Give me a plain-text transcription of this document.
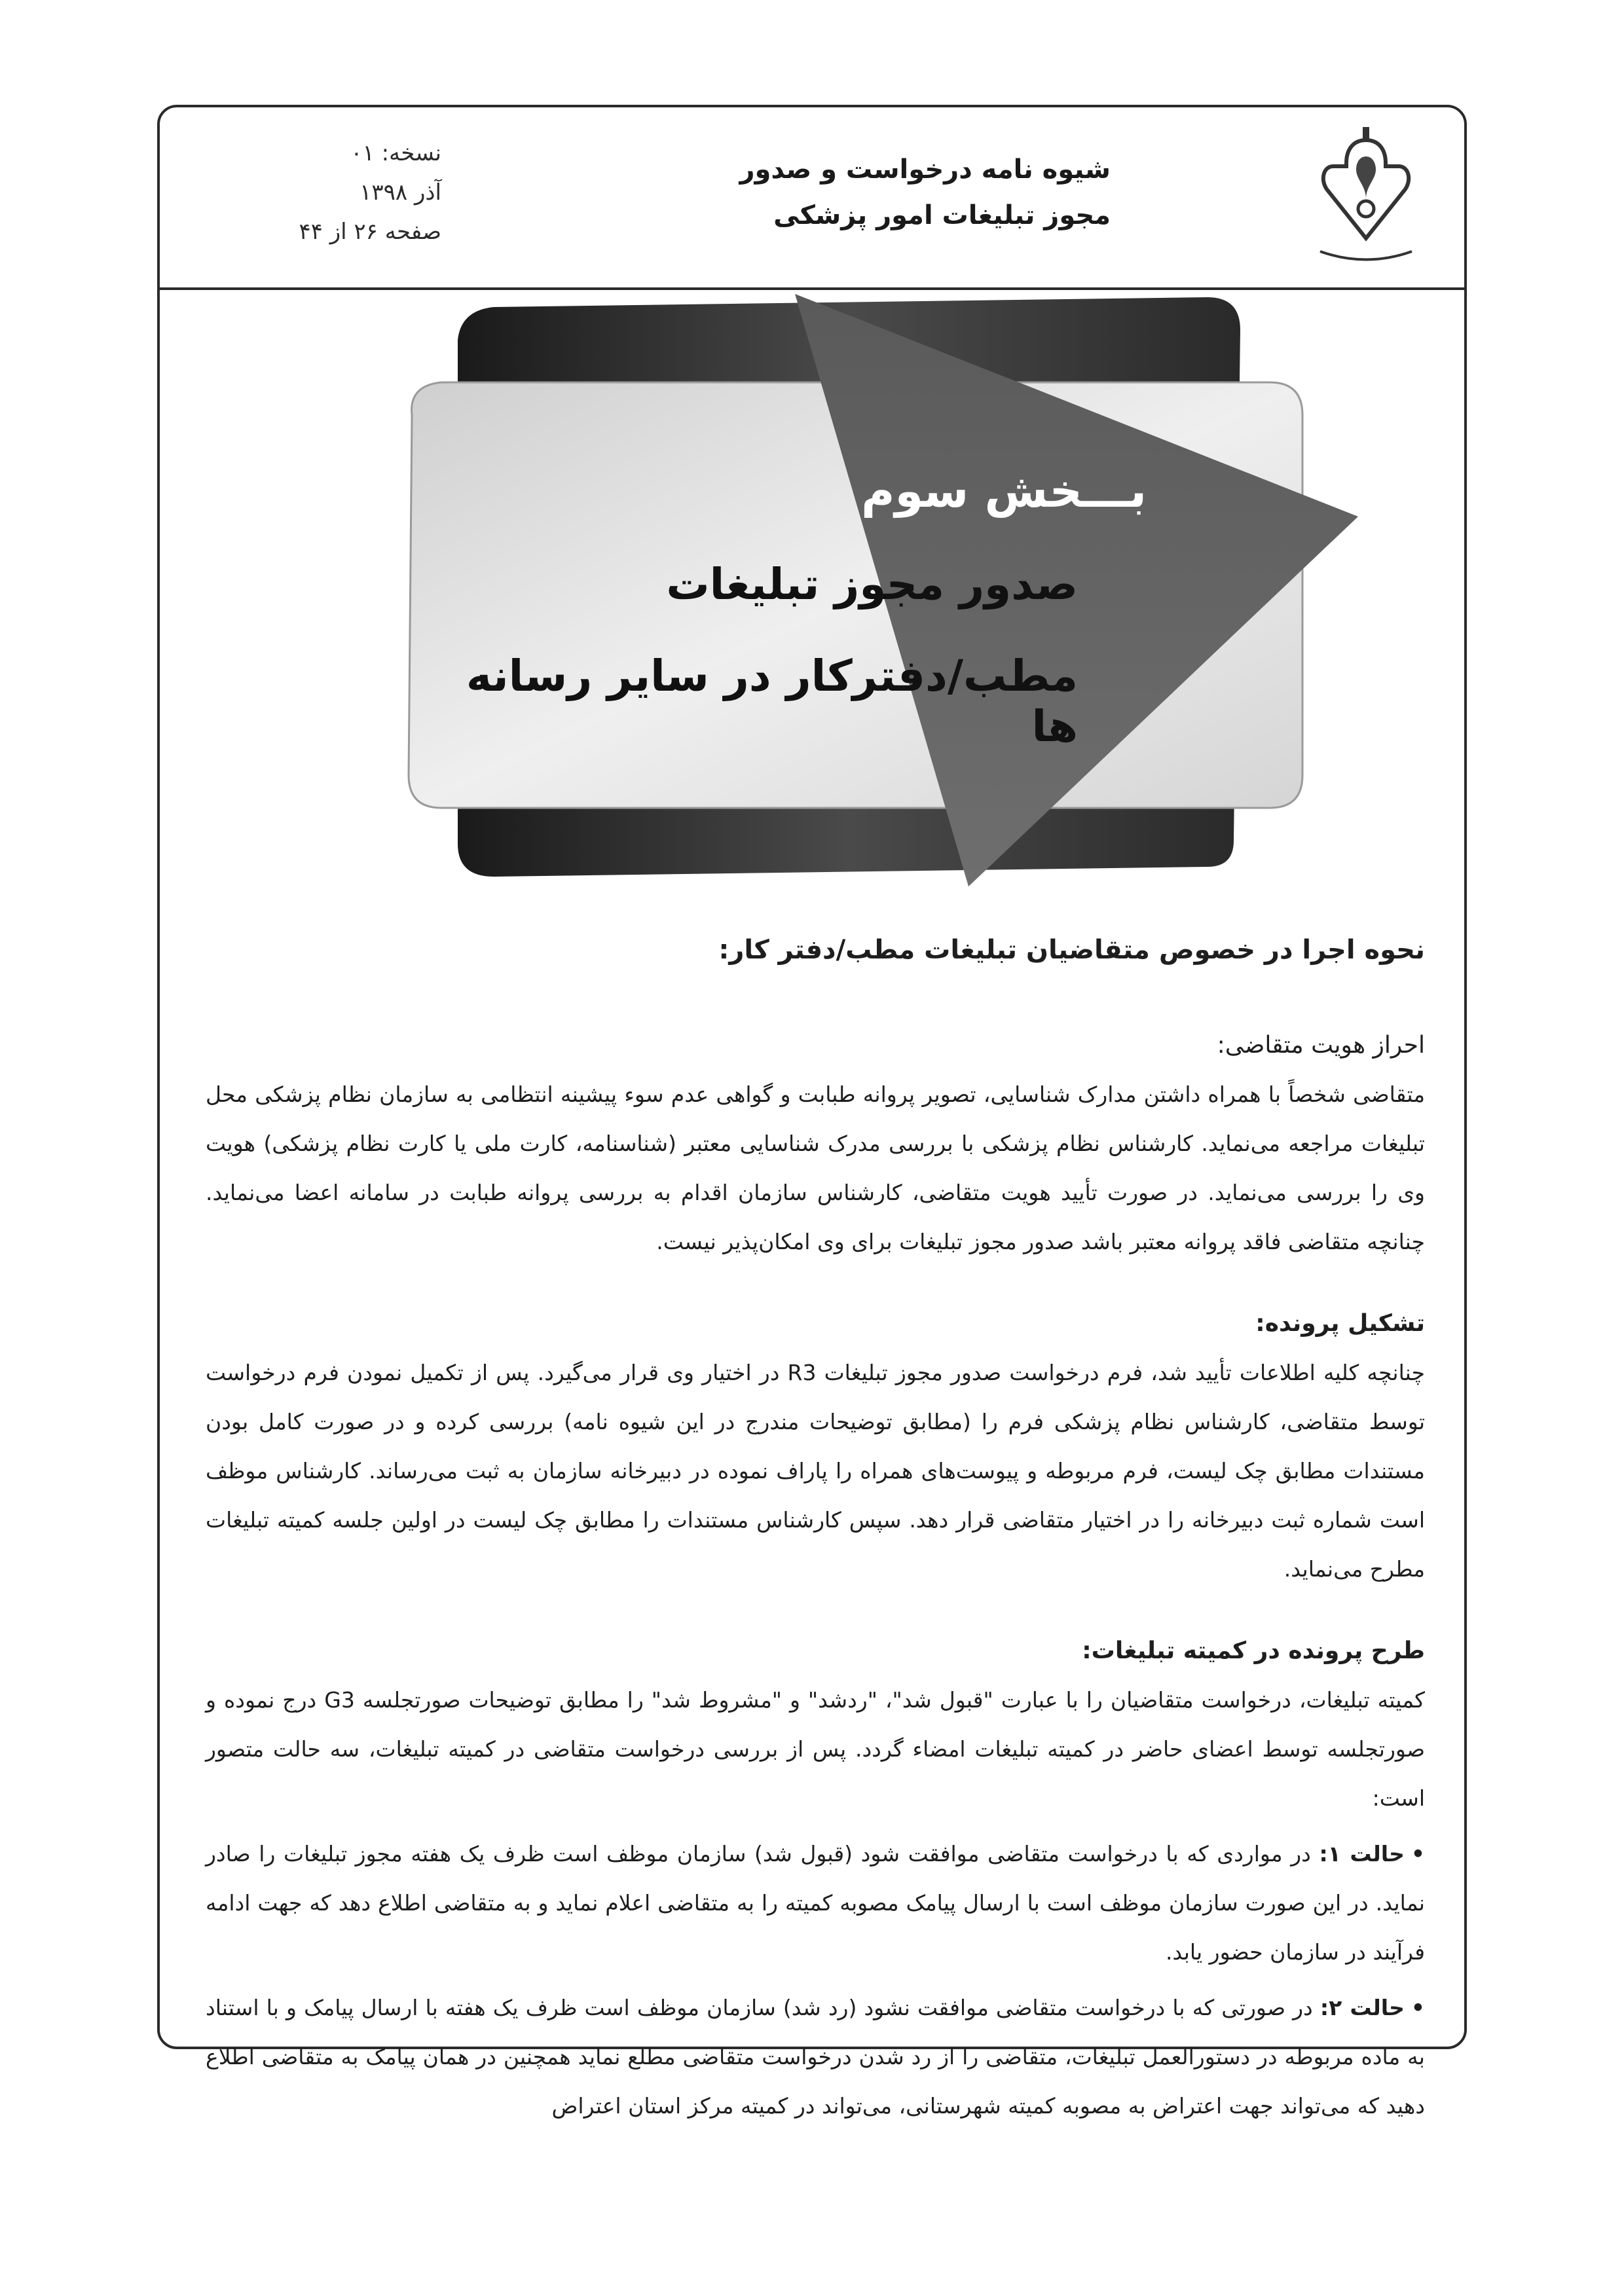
شیوه نامه درخواست و صدور
مجوز تبلیغات امور پزشکی
نسخه: ۰۱
آذر ۱۳۹۸
صفحه ۲۶ از ۴۴
بـــخش سوم
صدور مجوز تبلیغات
مطب/دفترکار در سایر رسانه ها
نحوه اجرا در خصوص متقاضیان تبلیغات مطب/دفتر کار:
احراز هویت متقاضی:

متقاضی شخصاً با همراه داشتن مدارک شناسایی، تصویر پروانه طبابت و گواهی عدم سوء پیشینه انتظامی به سازمان نظام پزشکی محل تبلیغات مراجعه می‌نماید. کارشناس نظام پزشکی با بررسی مدرک شناسایی معتبر (شناسنامه، کارت ملی یا کارت نظام پزشکی) هویت وی را بررسی می‌نماید. در صورت تأیید هویت متقاضی، کارشناس سازمان اقدام به بررسی پروانه طبابت در سامانه اعضا می‌نماید. چنانچه متقاضی فاقد پروانه معتبر باشد صدور مجوز تبلیغات برای وی امکان‌پذیر نیست.

تشکیل پرونده:

چنانچه کلیه اطلاعات تأیید شد، فرم درخواست صدور مجوز تبلیغات R3 در اختیار وی قرار می‌گیرد. پس از تکمیل نمودن فرم درخواست توسط متقاضی، کارشناس نظام پزشکی فرم را (مطابق توضیحات مندرج در این شیوه نامه) بررسی کرده و در صورت کامل بودن مستندات مطابق چک لیست، فرم مربوطه و پیوست‌های همراه را پاراف نموده در دبیرخانه سازمان به ثبت می‌رساند. کارشناس موظف است شماره ثبت دبیرخانه را در اختیار متقاضی قرار دهد. سپس کارشناس مستندات را مطابق چک لیست در اولین جلسه کمیته تبلیغات مطرح می‌نماید.

طرح پرونده در کمیته تبلیغات:

کمیته تبلیغات، درخواست متقاضیان را با عبارت "قبول شد"، "ردشد" و "مشروط شد" را مطابق توضیحات صورتجلسه G3 درج نموده و صورتجلسه توسط اعضای حاضر در کمیته تبلیغات امضاء گردد. پس از بررسی درخواست متقاضی در کمیته تبلیغات، سه حالت متصور است:

•حالت ۱: در مواردی که با درخواست متقاضی موافقت شود (قبول شد) سازمان موظف است ظرف یک هفته مجوز تبلیغات را صادر نماید. در این صورت سازمان موظف است با ارسال پیامک مصوبه کمیته را به متقاضی اعلام نماید و به متقاضی اطلاع دهد که جهت ادامه فرآیند در سازمان حضور یابد.
•حالت ۲: در صورتی که با درخواست متقاضی موافقت نشود (رد شد) سازمان موظف است ظرف یک هفته با ارسال پیامک و با استناد به ماده مربوطه در دستورالعمل تبلیغات، متقاضی را از رد شدن درخواست متقاضی مطلع نماید همچنین در همان پیامک به متقاضی اطلاع دهید که می‌تواند جهت اعتراض به مصوبه کمیته شهرستانی، می‌تواند در کمیته مرکز استان اعتراض
